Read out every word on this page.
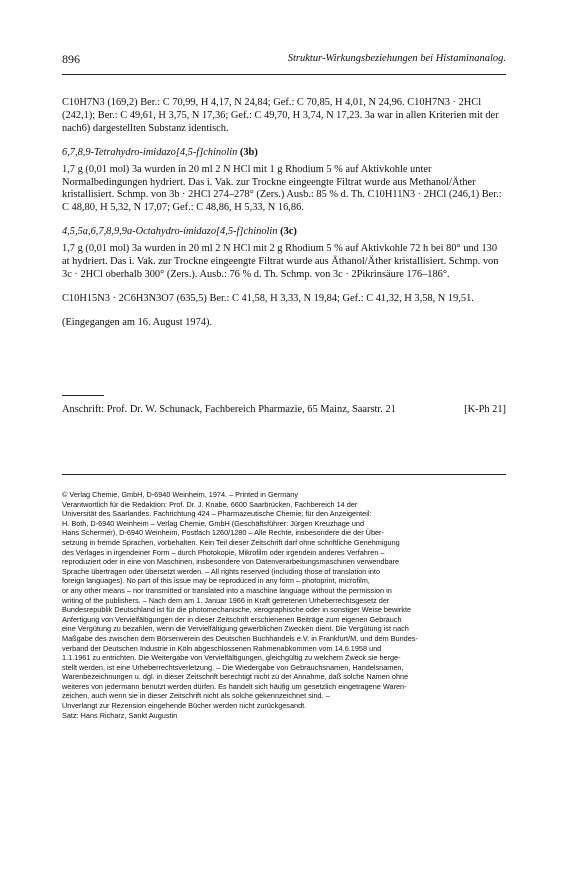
896	Struktur-Wirkungsbeziehungen bei Histaminanalog.

C10H7N3 (169,2) Ber.: C 70,99, H 4,17, N 24,84; Gef.: C 70,85, H 4,01, N 24,96. C10H7N3 · 2HCl (242,1); Ber.: C 49,61, H 3,75, N 17,36; Gef.: C 49,70, H 3,74, N 17,23. 3a war in allen Kriterien mit der nach6) dargestellten Substanz identisch.

6,7,8,9-Tetrahydro-imidazo[4,5-f]chinolin (3b)

1,7 g (0,01 mol) 3a wurden in 20 ml 2 N HCl mit 1 g Rhodium 5 % auf Aktivkohle unter Normalbedingungen hydriert. Das i. Vak. zur Trockne eingeengte Filtrat wurde aus Methanol/Äther kristallisiert. Schmp. von 3b · 2HCl 274–278° (Zers.) Ausb.: 85 % d. Th. C10H11N3 · 2HCl (246,1) Ber.: C 48,80, H 5,32, N 17,07; Gef.: C 48,86, H 5,33, N 16,86.

4,5,5a,6,7,8,9,9a-Octahydro-imidazo[4,5-f]chinolin (3c)

1,7 g (0,01 mol) 3a wurden in 20 ml 2 N HCl mit 2 g Rhodium 5 % auf Aktivkohle 72 h bei 80° und 130 at hydriert. Das i. Vak. zur Trockne eingeengte Filtrat wurde aus Äthanol/Äther kristallisiert. Schmp. von 3c · 2HCl oberhalb 300° (Zers.). Ausb.: 76 % d. Th. Schmp. von 3c · 2Pikrinsäure 176–186°.

C10H15N3 · 2C6H3N3O7 (635,5) Ber.: C 41,58, H 3,33, N 19,84; Gef.: C 41,32, H 3,58, N 19,51.

(Eingegangen am 16. August 1974).

Anschrift: Prof. Dr. W. Schunack, Fachbereich Pharmazie, 65 Mainz, Saarstr. 21	[K-Ph 21]
© Verlag Chemie, GmbH, D-6940 Weinheim, 1974. – Printed in Germany
Verantwortlich für die Redaktion: Prof. Dr. J. Knabe, 6600 Saarbrücken, Fachbereich 14 der
Universität des Saarlandes. Fachrichtung 424 – Pharmazeutische Chemie; für den Anzeigenteil:
H. Both, D-6940 Weinheim – Verlag Chemie, GmbH (Geschäftsführer: Jürgen Kreuzhage und
Hans Schermer), D-6940 Weinheim, Postfach 1260/1280 – Alle Rechte, insbesondere die der Über-
setzung in fremde Sprachen, vorbehalten. Kein Teil dieser Zeitschrift darf ohne schriftliche Genehmigung
des Verlages in irgendeiner Form – durch Photokopie, Mikrofilm oder irgendein anderes Verfahren –
reproduziert oder in eine von Maschinen, insbesondere von Datenverarbeitungsmaschinen verwendbare
Sprache übertragen oder übersetzt werden. – All rights reserved (including those of translation into
foreign languages). No part of this issue may be reproduced in any form – photoprint, microfilm,
or any other means – nor transmitted or translated into a maschine language without the permission in
writing of the publishers. – Nach dem am 1. Januar 1966 in Kraft getretenen Urheberrechtsgesetz der
Bundesrepublik Deutschland ist für die photomechanische, xerographische oder in sonstiger Weise bewirkte
Anfertigung von Vervielfältigungen der in dieser Zeitschrift erschienenen Beiträge zum eigenen Gebrauch
eine Vergütung zu bezahlen, wenn die Vervielfältigung gewerblichen Zwecken dient. Die Vergütung ist nach
Maßgabe des zwischen dem Börsenverein des Deutschen Buchhandels e.V. in Frankfurt/M. und dem Bundes-
verband der Deutschen Industrie in Köln abgeschlossenen Rahmenabkommen vom 14.6.1958 und
1.1.1961 zu entrichten. Die Weitergabe von Vervielfältigungen, gleichgültig zu welchem Zweck sie herge-
stellt werden, ist eine Urheberrechtsverletzung. – Die Wiedergabe von Gebrauchsnamen, Handelsnamen,
Warenbezeichnungen u. dgl. in dieser Zeitschrift berechtigt nicht zu der Annahme, daß solche Namen ohne
weiteres von jedermann benutzt werden dürfen. Es handelt sich häufig um gesetzlich eingetragene Waren-
zeichen, auch wenn sie in dieser Zeitschrift nicht als solche gekennzeichnet sind. –
Unverlangt zur Rezension eingehende Bücher werden nicht zurückgesandt.
Satz: Hans Richarz, Sankt Augustin
